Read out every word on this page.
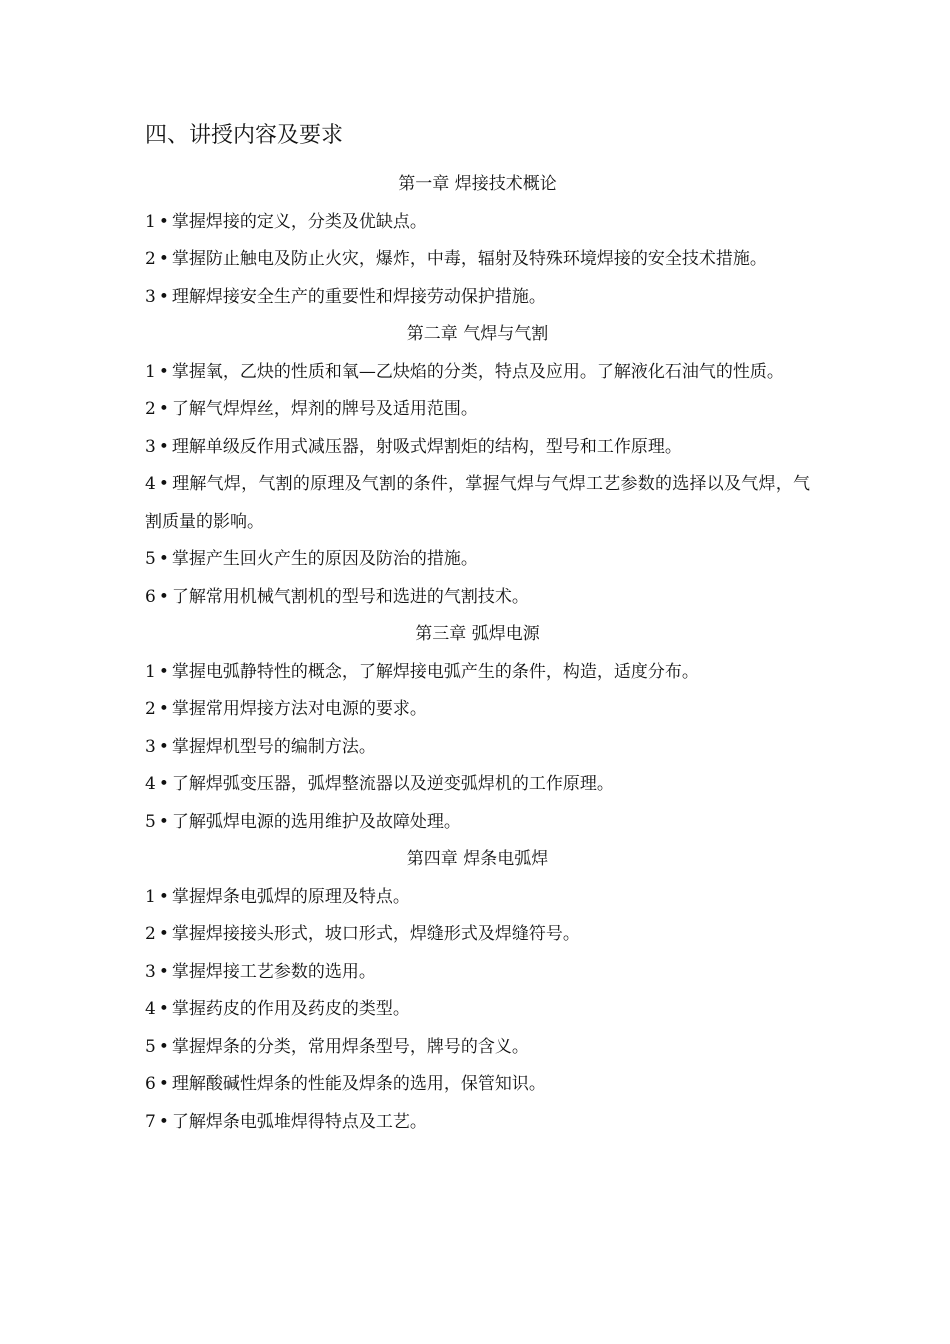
四、讲授内容及要求
第一章 焊接技术概论
1 • 掌握焊接的定义，分类及优缺点。
2 • 掌握防止触电及防止火灾，爆炸，中毒，辐射及特殊环境焊接的安全技术措施。
3 • 理解焊接安全生产的重要性和焊接劳动保护措施。
第二章 气焊与气割
1 • 掌握氧，乙炔的性质和氧—乙炔焰的分类，特点及应用。了解液化石油气的性质。
2 • 了解气焊焊丝，焊剂的牌号及适用范围。
3 • 理解单级反作用式减压器，射吸式焊割炬的结构，型号和工作原理。
4 • 理解气焊，气割的原理及气割的条件，掌握气焊与气焊工艺参数的选择以及气焊，气割质量的影响。
5 • 掌握产生回火产生的原因及防治的措施。
6 • 了解常用机械气割机的型号和选进的气割技术。
第三章 弧焊电源
1 • 掌握电弧静特性的概念，了解焊接电弧产生的条件，构造，适度分布。
2 • 掌握常用焊接方法对电源的要求。
3 • 掌握焊机型号的编制方法。
4 • 了解焊弧变压器，弧焊整流器以及逆变弧焊机的工作原理。
5 • 了解弧焊电源的选用维护及故障处理。
第四章 焊条电弧焊
1 • 掌握焊条电弧焊的原理及特点。
2 • 掌握焊接接头形式，坡口形式，焊缝形式及焊缝符号。
3 • 掌握焊接工艺参数的选用。
4 • 掌握药皮的作用及药皮的类型。
5 • 掌握焊条的分类，常用焊条型号，牌号的含义。
6 • 理解酸碱性焊条的性能及焊条的选用，保管知识。
7 • 了解焊条电弧堆焊得特点及工艺。
